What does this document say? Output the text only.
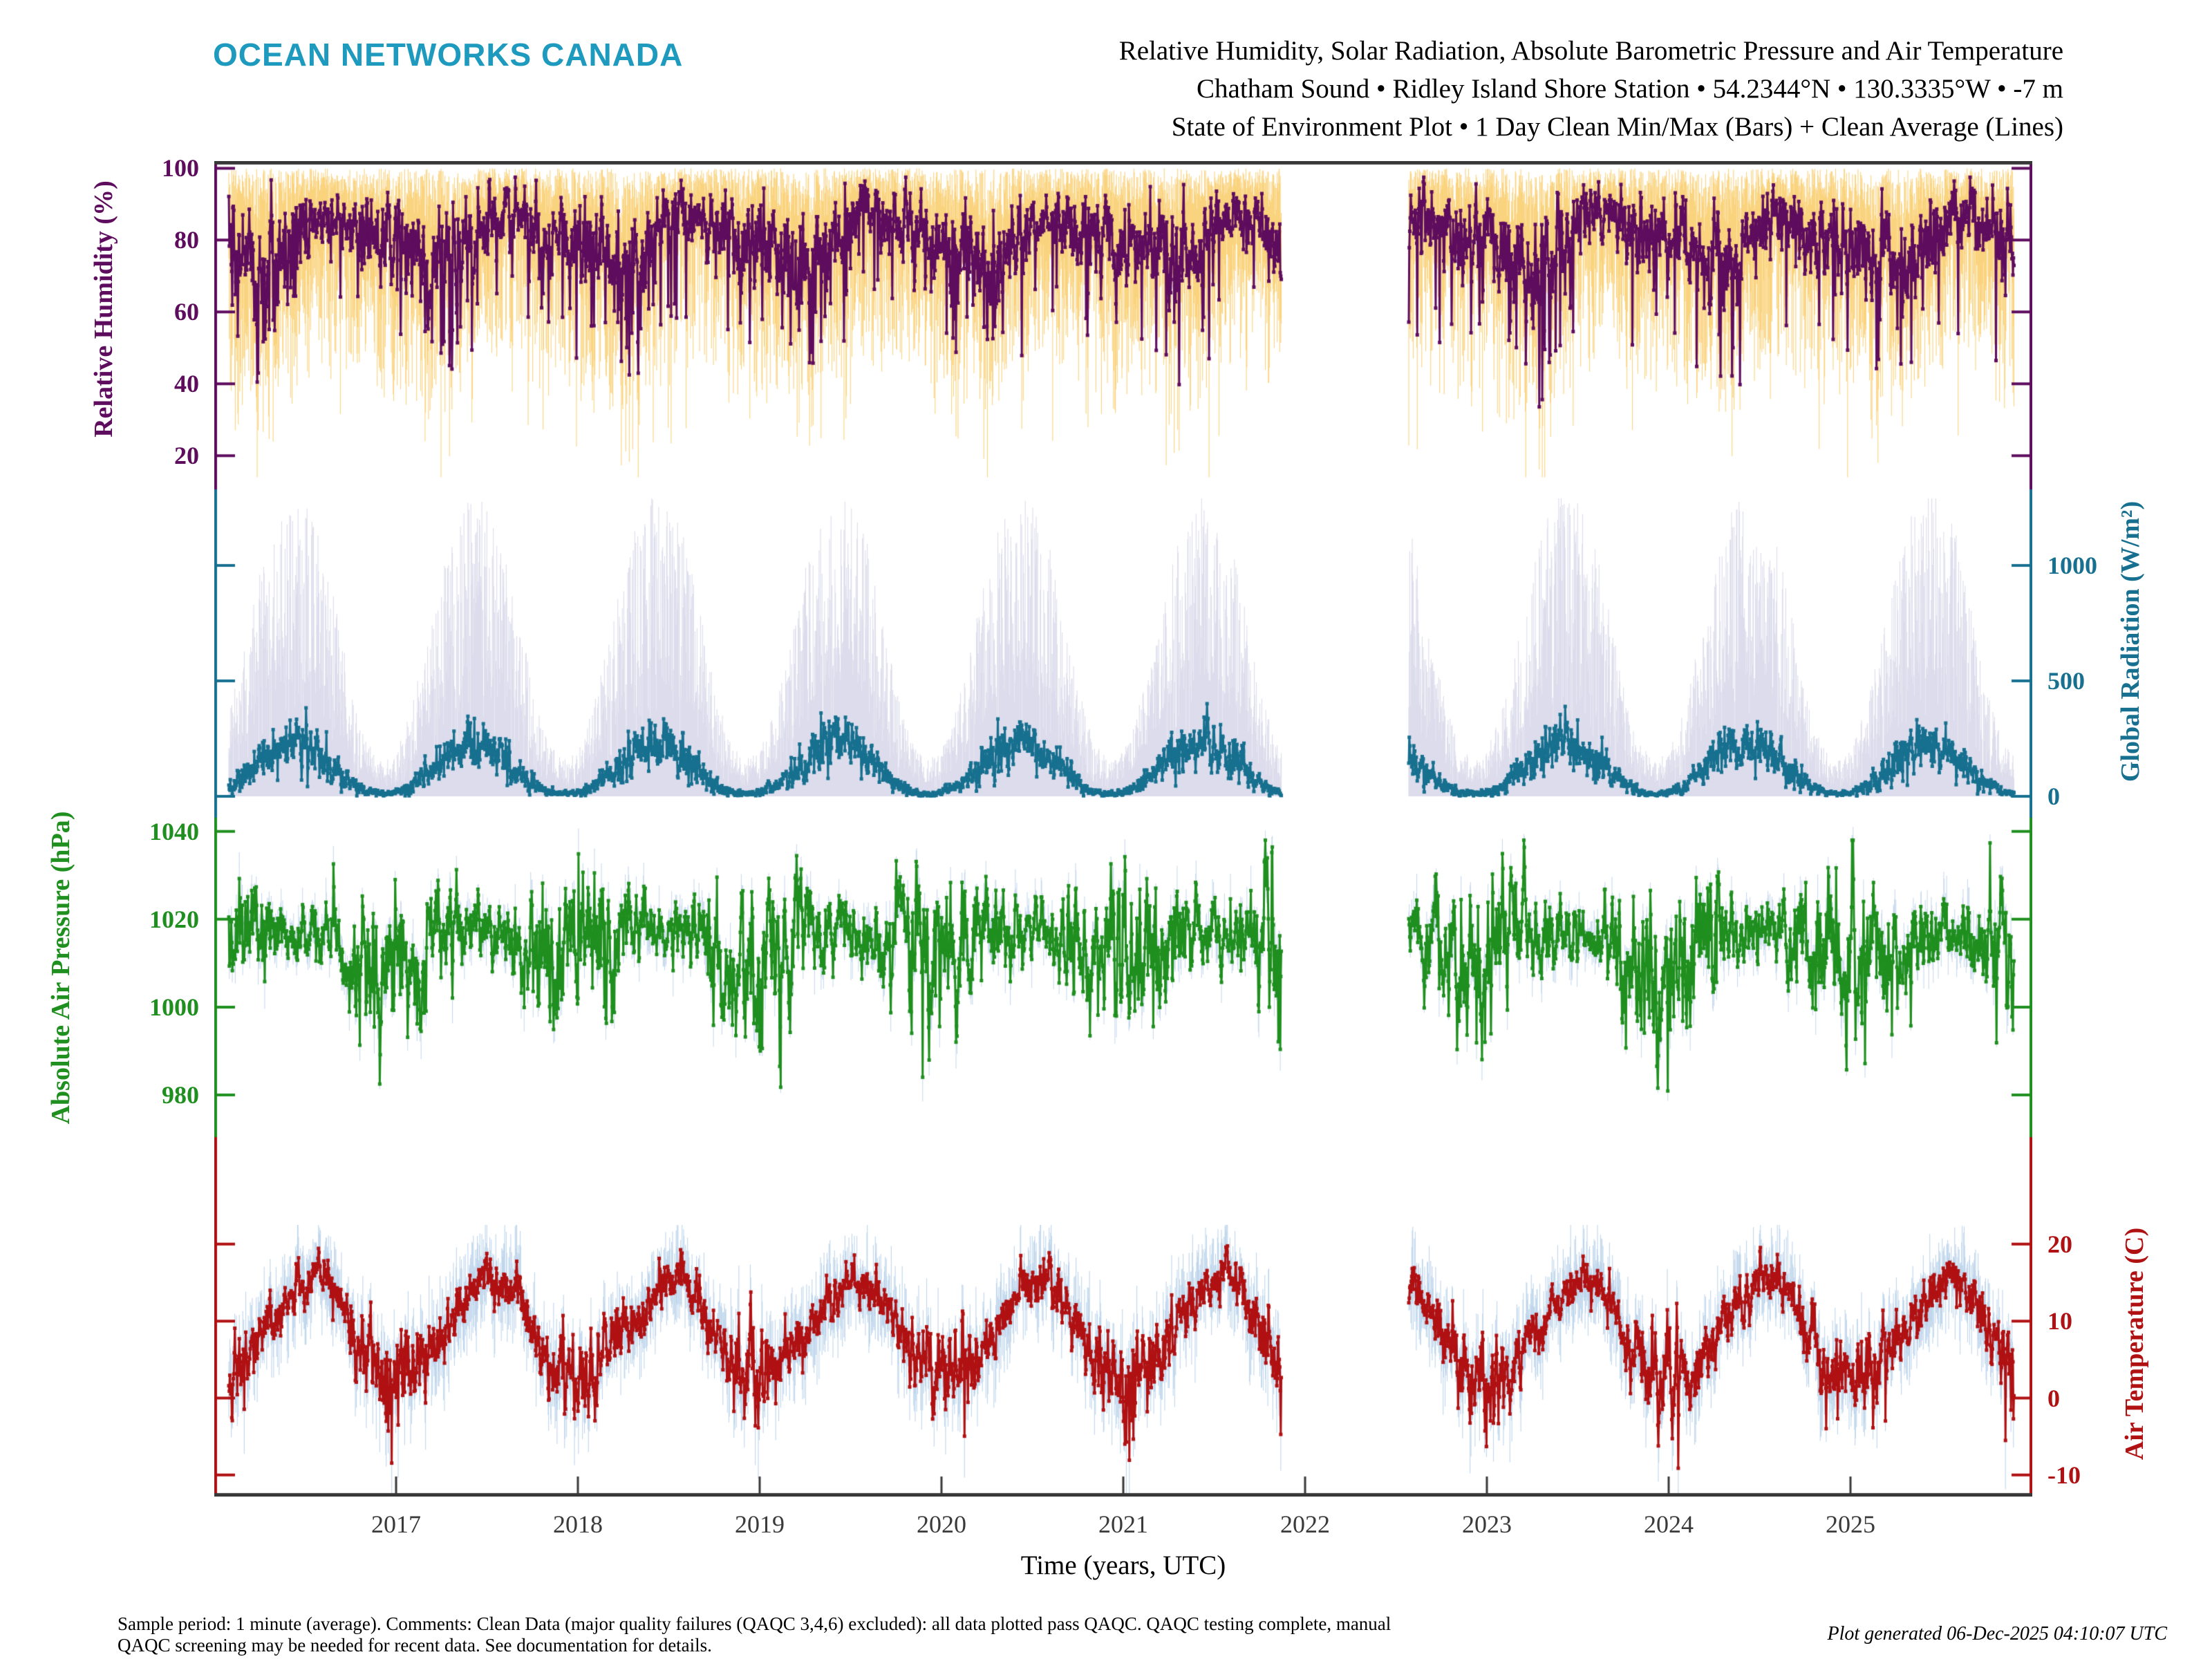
OCEAN NETWORKS CANADA	Relative Humidity, Solar Radiation, Absolute Barometric Pressure and Air Temperature
Chatham Sound • Ridley Island Shore Station • 54.2344°N • 130.3335°W • -7 m
State of Environment Plot • 1 Day Clean Min/Max (Bars) + Clean Average (Lines)
Relative Humidity (%)
Global Radiation (W/m²)
Absolute Air Pressure (hPa)
Air Temperature (C)
Time (years, UTC)
Sample period: 1 minute (average). Comments: Clean Data (major quality failures (QAQC 3,4,6) excluded): all data plotted pass QAQC. QAQC testing complete, manual
QAQC screening may be needed for recent data. See documentation for details.
Plot generated 06-Dec-2025 04:10:07 UTC
20
40
60
80
100
0
500
1000
980
1000
1020
1040
-10
0
10
20
2017	2018	2019	2020	2021	2022	2023	2024	2025
